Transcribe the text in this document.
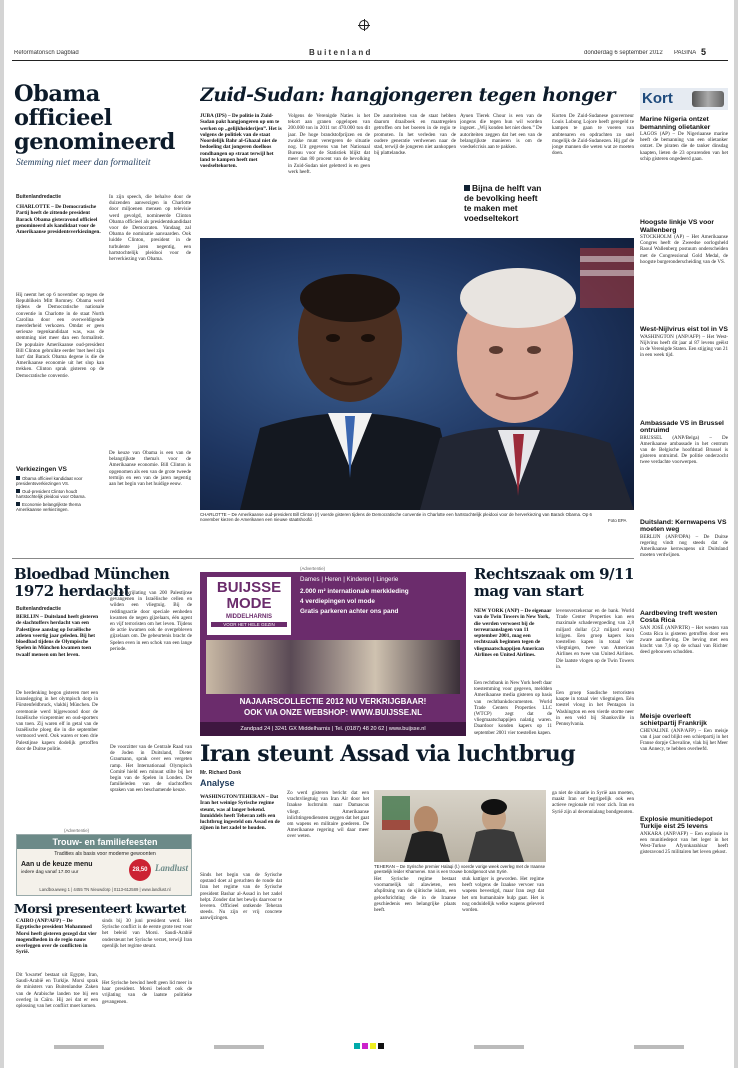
Reformatorisch Dagblad	B u i t e n l a n d	donderdag 6 september 2012 PAGINA 5
Obama officieel genomineerd
Stemming niet meer dan formaliteit
Buitenlandredactie
CHARLOTTE – De Democratische Partij heeft de zittende president Barack Obama gisteravond officieel genomineerd als kandidaat voor de Amerikaanse presidentsverkiezingen.
Hij neemt het op 6 november op tegen de Republikein Mitt Romney. Obama werd tijdens de Democratische nationale conventie in Charlotte in de staat North Carolina door een overweldigende meerderheid verkozen. Omdat er geen serieuze tegenkandidaat was, was de stemming niet meer dan een formaliteit. De populaire Amerikaanse oud-president Bill Clinton gebruikte eerder 'met heel zijn hart' dat Barack Obama degene is die de Amerikaanse economie uit het slop kan trekken. Clinton sprak gisteren op de Democratische conventie.
In zijn speech, die behalve door de duizenden aanwezigen in Charlotte door miljoenen mensen op televisie werd gevolgd, nomineerde Clinton Obama officieel als presidentskandidaat voor de Democraten. Vandaag zal Obama de nominatie aanvaarden. Ook luidde Clinton, president in de turbulente jaren negentig, een hartstochtelijk pleidooi voor de herverkiezing van Obama.
Verkiezingen VS
Obama officieel kandidaat voor presidentsverkiezingen VS.
Oud-president Clinton houdt hartstochtelijk pleidooi voor Obama.
Economie belangrijkste thema Amerikaanse verkiezingen.
De keuze van Obama is een van de belangrijkste thema's voor de Amerikaanse economie. Bill Clinton is opgenomen als een van de grote tweede termijn en een van de jaren negentig aan het begin van het huidige eeuw.
Zuid-Sudan: hangjongeren tegen honger
JUBA (IPS) – De politie in Zuid-Sudan pakt hangjongeren op om te werken op „gelijkheiderijen”. Het is volgens de politiek van de staat Noordelijk Bahr al-Ghazal niet de bedoeling dat jongeren doelloos rondhangen op straat terwijl het land te kampen heeft met voedseltekorten.
Volgens de Verenigde Naties is het tekort aan granen opgelopen van 200.000 ton in 2011 tot 470.000 ton dit jaar. De hoge brandstofprijzen en de zwakke munt verergeren de situatie nog. Uit gegevens van het Nationaal Bureau voor de Statistiek blijkt dat meer dan 80 procent van de bevolking in Zuid-Sudan niet geletterd is en geen werk heeft.
De autoriteiten van de staat hebben daarom draaiboek en maatregelen getroffen om het boeren in de regio te promoten. In het verleden van de oudere generatie verdwenen naar de stad, terwijl de jongeren niet aankoppen bij plattelandse.
Ayuen Tierek Chour is een van de jongens die tegen hun wil worden ingezet. „Wij konden het niet doen.” De autoriteiten zeggen dat het een van de belangrijkste manieren is om de voedselcrisis aan te pakken.
Bijna de helft van de bevolking heeft te maken met voedseltekort
Korten De Zuid-Sudanese gouverneur Louis Lobong Lojore heeft geregeld te kampen te gaan te voeren van ambtenaren en opdrachten zo snel mogelijk de Zuid-Sudanezen. Hij gaf de jonge mannen die weten wat ze moeten doen.
CHARLOTTE – De Amerikaanse oud-president Bill Clinton (r) voerde gisteren tijdens de Democratische conventie in Charlotte een hartstochtelijk pleidooi voor de herverkiezing van Barack Obama. Op 6 november kiezen de Amerikanen een nieuwe staatshoofd.	Foto EPA
Kort
Marine Nigeria ontzet bemanning olietanker
LAGOS (AP) – De Nigeriaanse marine heeft de bemanning van een olietanker ontzet. De piraten die de tanker dinsdag kaapten, lieten de 23 opvarenden van het schip gisteren ongedeerd gaan.
Hoogste linkje VS voor Wallenberg
STOCKHOLM (AP) – Het Amerikaanse Congres heeft de Zweedse oorlogsheld Raoul Wallenberg postuum onderscheiden met de Congressional Gold Medal, de hoogste burgeronderscheiding van de VS.
West-Nijlvirus eist tol in VS
WASHINGTON (ANP/AFP) – Het West-Nijlvirus heeft dit jaar al 87 levens geëist in de Verenigde Staten. Een stijging van 21 in een week tijd.
Ambassade VS in Brussel ontruimd
BRUSSEL (ANP/Belga) – De Amerikaanse ambassade in het centrum van de Belgische hoofdstad Brussel is gisteren ontruimd. De politie onderzocht twee verdachte voorwerpen.
Duitsland: Kernwapens VS moeten weg
BERLIJN (ANP/DPA) – De Duitse regering vindt nog steeds dat de Amerikaanse kernwapens uit Duitsland moeten verdwijnen.
Aardbeving treft westen Costa Rica
SAN JOSÉ (ANP/RTR) – Het westen van Costa Rica is gisteren getroffen door een zware aardbeving. De beving met een kracht van 7,6 op de schaal van Richter deed gebouwen schudden.
Meisje overleeft schietpartij Frankrijk
CHEVALINE (ANP/AFP) – Een meisje van 4 jaar oud blijkt een schietpartij in het Franse dorpje Chevaline, vlak bij het Meer van Annecy, te hebben overleefd.
Explosie munitiedepot Turkije eist 25 levens
ANKARA (ANP/AFP) – Een explosie in een munitiedepot van het leger in het West-Turkse Afyonkarahisar heeft gisteravond 25 militairen het leven gekost.
Bloedbad München 1972 herdacht
Buitenlandredactie
BERLIJN – Duitsland heeft gisteren de slachtoffers herdacht van een Palestijnse aanslag op Israëlische atleten veertig jaar geleden. Bij het bloedbad tijdens de Olympische Spelen in München kwamen toen twaalf mensen om het leven.
De herdenking begon gisteren met een kranslegging in het olympisch dorp in Fürstenfeldbruck, vlakbij München. De ceremonie werd bijgewoond door de Israëlische vicepremier en oud-sporters van toen. Zij waren elf in getal van de Israëlische ploeg die in die september vermoord werd. Ook waren er toen drie Palestijnse kapers dodelijk getroffen door de Duitse politie.
ten de vrijlating van 200 Palestijnse gevangenen in Israëlische cellen en wilden een vliegtuig. Bij de reddingsactie door speciale eenheden kwamen de negen gijzelaars, één agent en vijf terroristen om het leven. Tijdens de actie kwamen ook de overgebleven gijzelaars om. De gebeurtenis bracht de Spelen even in een schok van een lange periode.
De voorzitter van de Centrale Raad van de Joden in Duitsland, Dieter Graumann, sprak over een vergeten ramp. Het Internationaal Olympisch Comité hield een minuut stilte bij het begin van de Spelen in Londen. De familieleden van de slachtoffers spraken van een beschamende keuze.
(Advertentie)
BUIJSSE
MODE
MIDDELHARNIS
VOOR HET HELE GEZIN
Dames | Heren | Kinderen | Lingerie
2.000 m² internationale merkkleding
4 verdiepingen vol mode
Gratis parkeren achter ons pand
NAJAARSCOLLECTIE 2012 NU VERKRIJGBAAR!
OOK VIA ONZE WEBSHOP: WWW.BUIJSSE.NL
Zandpad 24 | 3241 GX Middelharnis | Tel. (0187) 48 20 62 | www.buijsse.nl
Rechtszaak om 9/11 mag van start
NEW YORK (ANP) – De eigenaar van de Twin Towers in New York, die werden verwoest bij de terreuraanslagen van 11 september 2001, mag een rechtszaak beginnen tegen de vliegmaatschappijen American Airlines en United Airlines.
Een rechtbank in New York heeft daar toestemming voor gegeven, meldden Amerikaanse media gisteren op basis van rechtbankdocumenten. World Trade Centers Properties LLC (WTCP) zegt dat de vliegmaatschappijen nalatig waren. Daardoor konden kapers op 11 september 2001 vier toestellen kapen.
levensverzekeraar en de bank. World Trade Center Properties kan een maximale schadevergoeding van 2,8 miljard dollar (2,2 miljard euro) krijgen. Een groep kapers kon toestellen kapen in totaal vier vliegtuigen, twee van American Airlines en twee van United Airlines. Die laatste vlogen op de Twin Towers in.
Een groep Saudische terroristen kaapte in totaal vier vliegtuigen. Eén toestel vloog in het Pentagon in Washington en een vierde stortte neer in een veld bij Shanksville in Pennsylvania.
Iran steunt Assad via luchtbrug
Mr. Richard Donk
Analyse
WASHINGTON/TEHERAN – Dat Iran het weinige Syrische regime steunt, was al langer bekend. Inmiddels heeft Teheran zelfs een luchtbrug ingesteld om Assad en de zijnen in het zadel te houden.
Sinds het begin van de Syrische opstand doet al geruchten de ronde dat Iran het regime van de Syrische president Bashar al-Assad in het zadel helpt. Zonder dat het bewijs daarvoor te leveren. Officieel ontkende Teheran steeds. Nu zijn er vrij concrete aanwijzingen.
Zo werd gisteren bericht dat een vrachtvliegtuig van Iran Air door het Iraakse luchtruim naar Damascus vliegt. Amerikaanse inlichtingendiensten zeggen dat het gaat om wapens en militaire goederen. De Amerikaanse regering wil daar meer over weten.
Het Syrische regime bestaat voornamelijk uit alawieten, een afsplitsing van de sjiitische islam, een geloofsrichting die in de Iraanse geschiedenis een belangrijke plaats heeft.
stuk kattiger is geworden. Het regime heeft volgens de Iraakse vervoer van wapens bevestigd, maar Iran zegt dat het om humanitaire hulp gaat. Het is nog onduidelijk welke wapens geleverd worden.
ga niet de situatie in Syrië aan moeten, maakt Iran er begrijpelijk ook een actieve regionale rol voor zich. Iran en Syrië zijn al decennialang bondgenoten.
TEHERAN – De Syrische premier Halaqi (l.) voerde vorige week overleg met de Iraanse geestelijk leider Khamenei. Iran is een trouwe bondgenoot van Syrië.
(Advertentie)
Trouw- en familiefeesten
Tradities als basis voor moderne gewoonten
Aan u de keuze menu
iedere dag vanaf 17.00 uur	28,50 Landlust
Landbouwweg 1 | 4455 TN Nieuwdorp | 0113-612589 | www.landlust.nl
Morsi presenteert kwartet
CAIRO (ANP/AFP) – De Egyptische president Mohammed Morsi heeft gisteren gezegd dat vier mogendheden in de regio nauw overleggen over de conflicten in Syrië.
Dit 'kwartet' bestaat uit Egypte, Iran, Saudi-Arabië en Turkije. Morsi sprak de ministers van Buitenlandse Zaken van de Arabische landen toe bij een overleg in Caïro. Hij zei dat er een oplossing van het conflict moet komen.
sinds bij 30 juni president werd. Het Syrische conflict is de eerste grote test voor het beleid van Morsi. Saudi-Arabië ondersteunt het Syrische verzet, terwijl Iran openlijk het regime steunt.
Het Syrische bewind heeft geen lid meer in haar president. Morsi belooft ook de vrijlating van de laatste politieke gevangenen.
